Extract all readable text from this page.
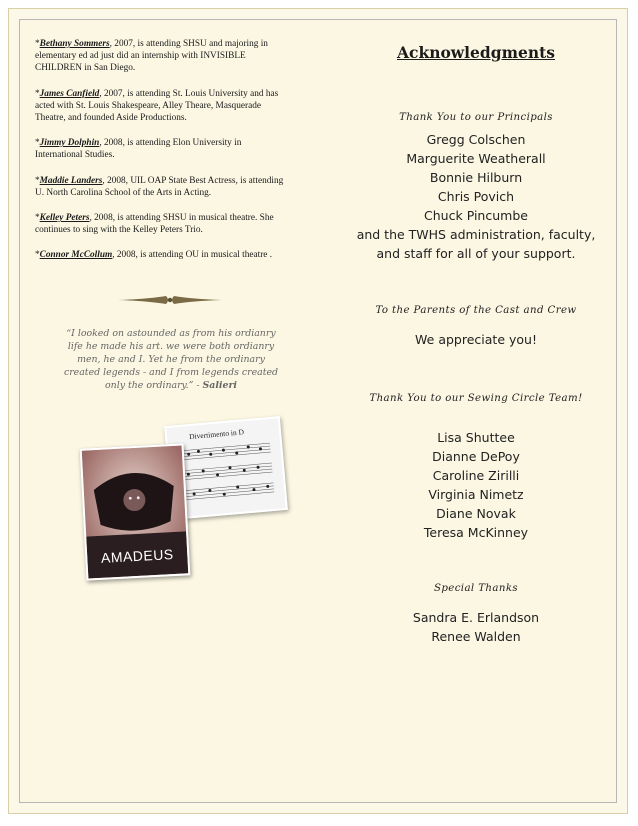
*Bethany Sommers, 2007, is attending SHSU and majoring in elementary ed ad just did an internship with INVISIBLE CHILDREN in San Diego.

*James Canfield, 2007, is attending St. Louis University and has acted with St. Louis Shakespeare, Alley Theare, Masquerade Theatre, and founded Aside Productions.

*Jimmy Dolphin, 2008, is attending Elon University in International Studies.

*Maddie Landers, 2008, UIL OAP State Best Actress, is attending U. North Carolina School of the Arts in Acting.

*Kelley Peters, 2008, is attending SHSU in musical theatre. She continues to sing with the Kelley Peters Trio.

*Connor McCollum, 2008, is attending OU in musical theatre .

“I looked on astounded as from his ordianry life he made his art. we were both ordianry men, he and I. Yet he from the ordinary created legends - and I from legends created only the ordinary.” - Salieri
Divertimento in D
AMADEUS
Acknowledgments
Thank You to our Principals
Gregg Colschen
Marguerite Weatherall
Bonnie Hilburn
Chris Povich
Chuck Pincumbe
and the TWHS administration, faculty,
and staff for all of your support.
To the Parents of the Cast and Crew
We appreciate you!
Thank You to our Sewing Circle Team!
Lisa Shuttee
Dianne DePoy
Caroline Zirilli
Virginia Nimetz
Diane Novak
Teresa McKinney
Special Thanks
Sandra E. Erlandson
Renee Walden
